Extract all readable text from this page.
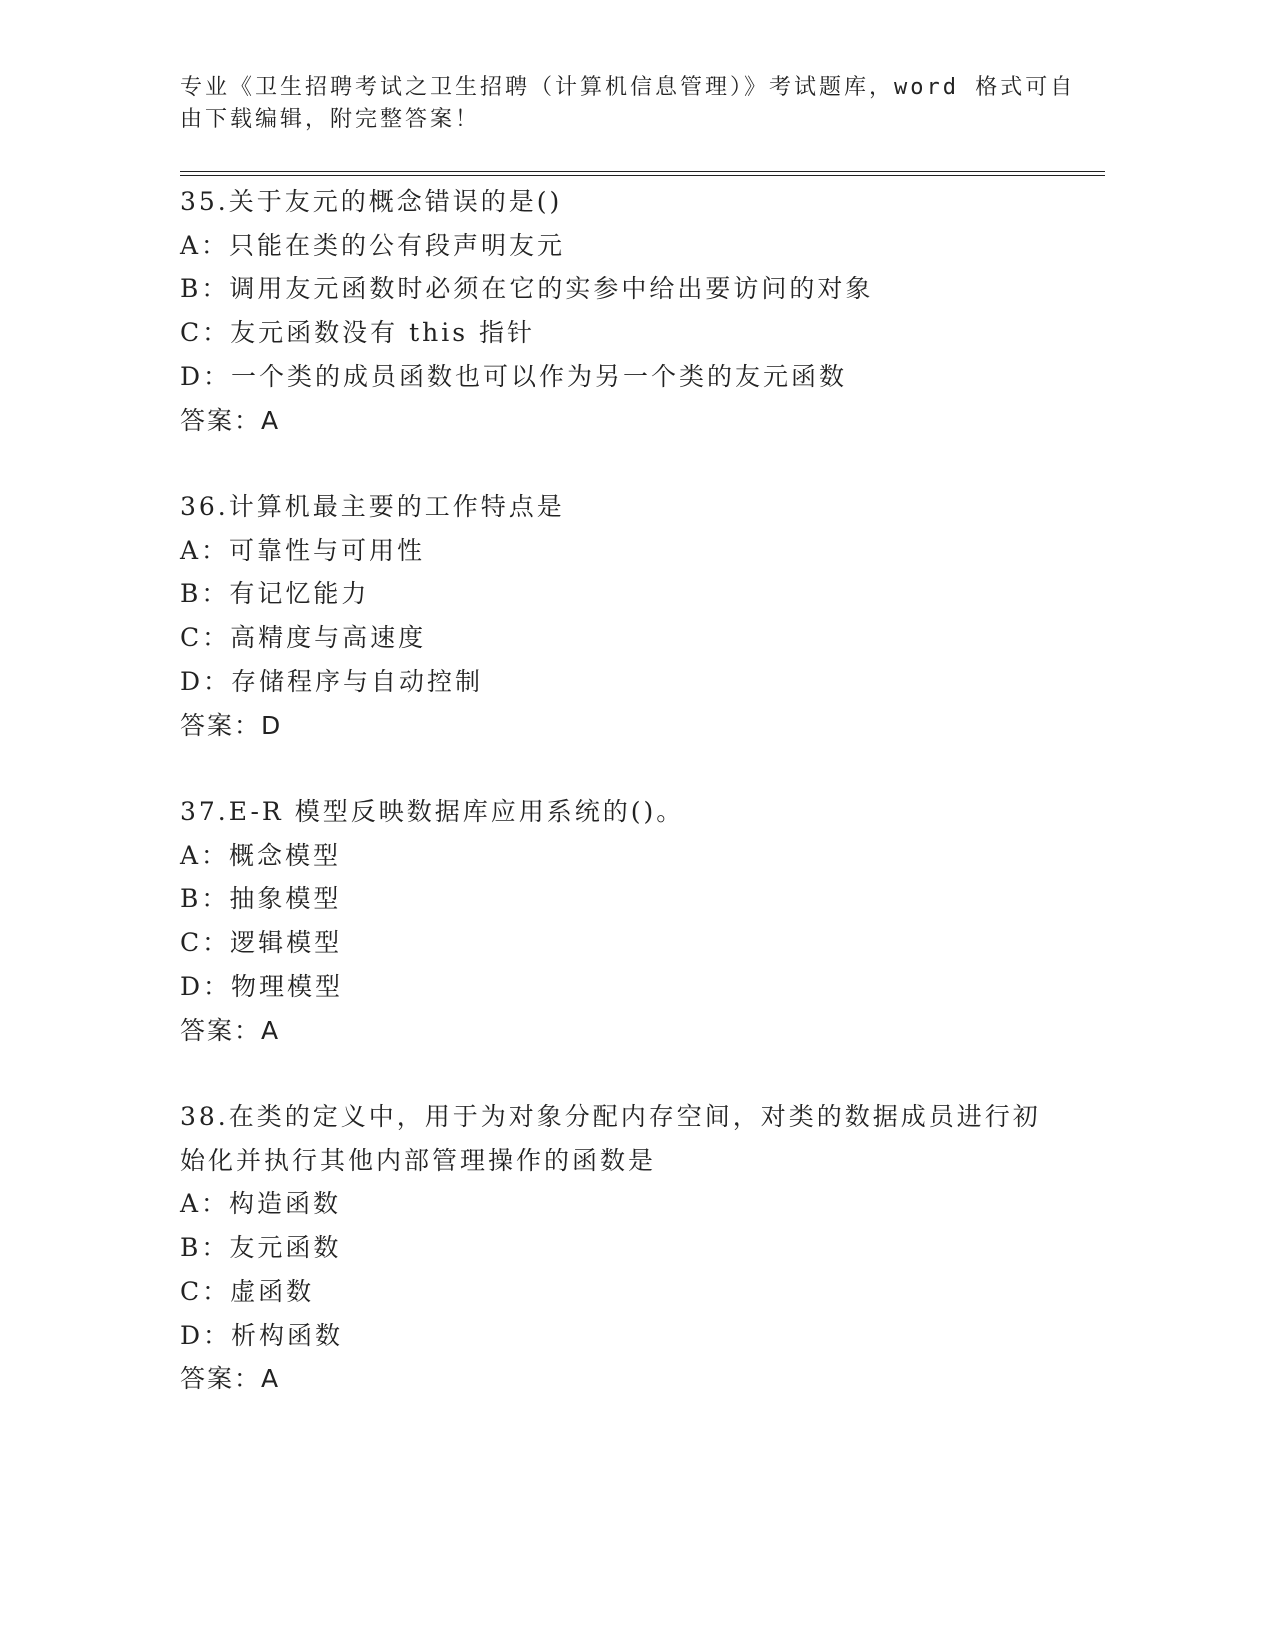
专业《卫生招聘考试之卫生招聘（计算机信息管理）》考试题库，word 格式可自
由下载编辑，附完整答案！
35.关于友元的概念错误的是()
A：只能在类的公有段声明友元
B：调用友元函数时必须在它的实参中给出要访问的对象
C：友元函数没有 this 指针
D：一个类的成员函数也可以作为另一个类的友元函数
答案：A
36.计算机最主要的工作特点是
A：可靠性与可用性
B：有记忆能力
C：高精度与高速度
D：存储程序与自动控制
答案：D
37.E-R 模型反映数据库应用系统的()。
A：概念模型
B：抽象模型
C：逻辑模型
D：物理模型
答案：A
38.在类的定义中，用于为对象分配内存空间，对类的数据成员进行初
始化并执行其他内部管理操作的函数是
A：构造函数
B：友元函数
C：虚函数
D：析构函数
答案：A
